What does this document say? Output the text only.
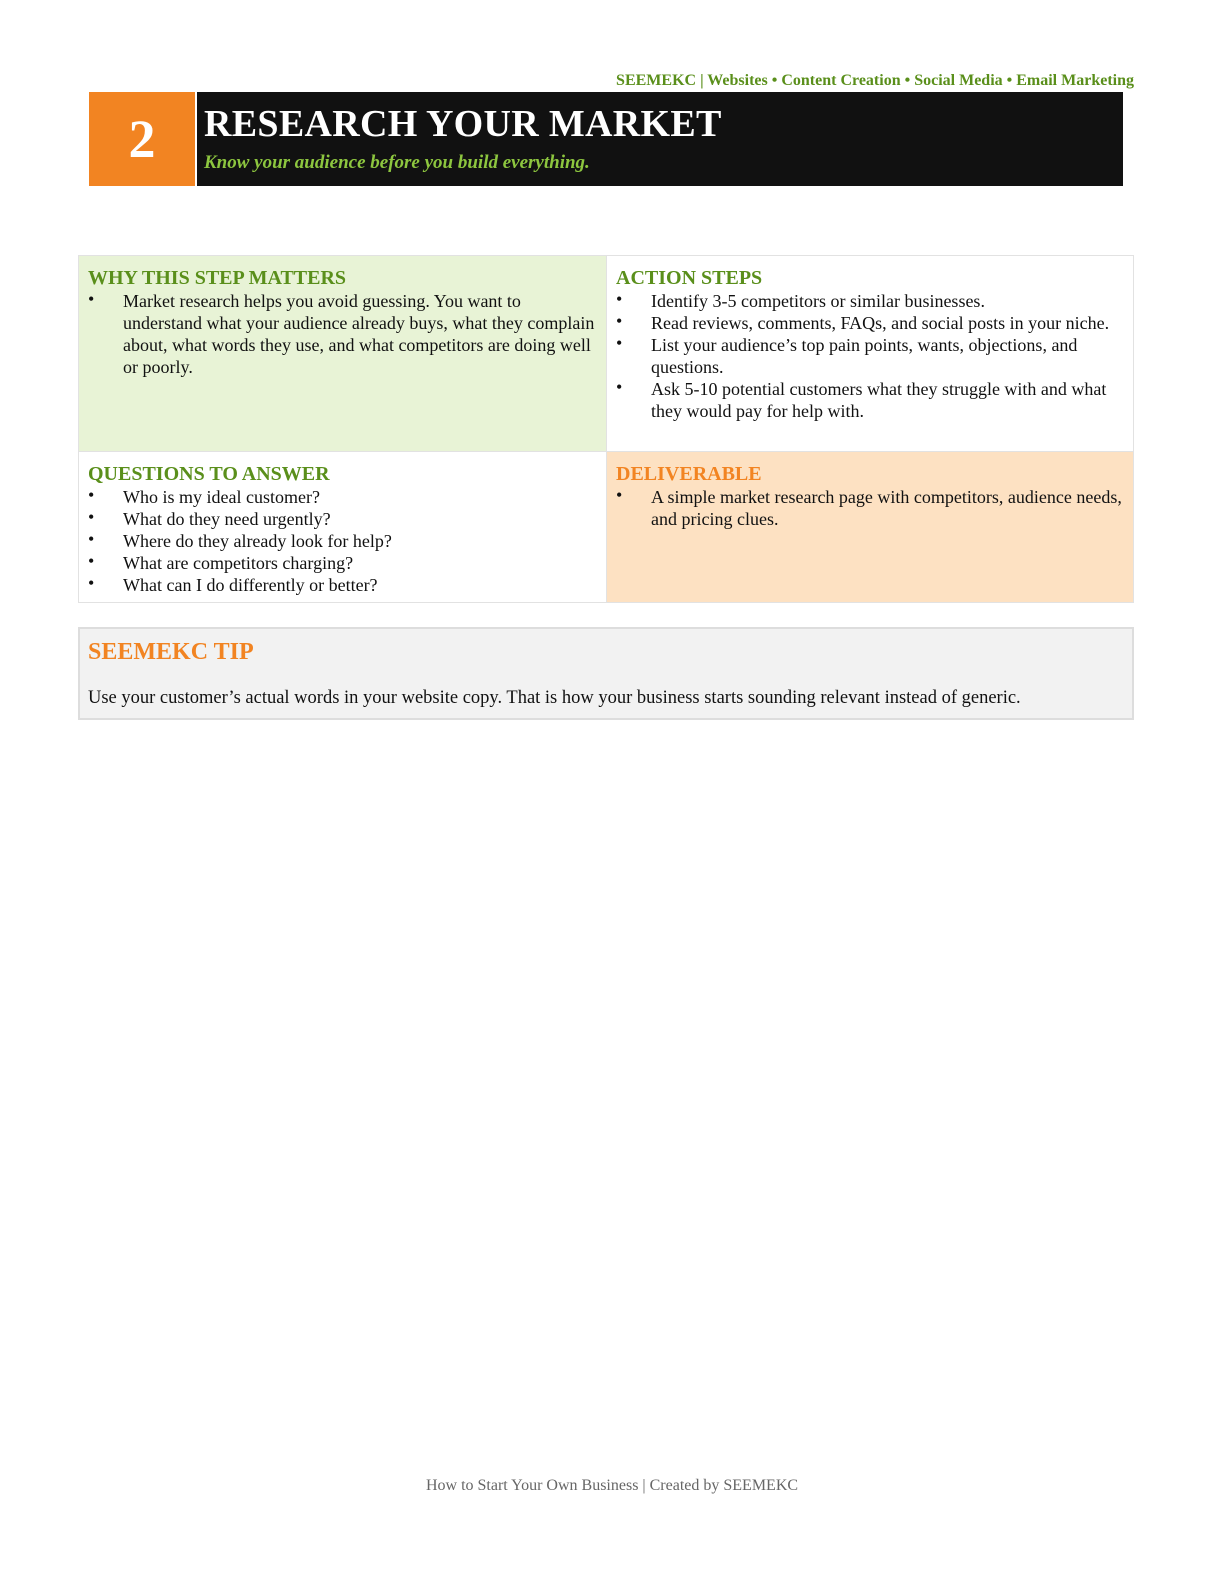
SEEMEKC | Websites • Content Creation • Social Media • Email Marketing
2 RESEARCH YOUR MARKET
Know your audience before you build everything.
WHY THIS STEP MATTERS
• Market research helps you avoid guessing. You want to understand what your audience already buys, what they complain about, what words they use, and what competitors are doing well or poorly.
ACTION STEPS
• Identify 3-5 competitors or similar businesses.
• Read reviews, comments, FAQs, and social posts in your niche.
• List your audience’s top pain points, wants, objections, and questions.
• Ask 5-10 potential customers what they struggle with and what they would pay for help with.
QUESTIONS TO ANSWER
• Who is my ideal customer?
• What do they need urgently?
• Where do they already look for help?
• What are competitors charging?
• What can I do differently or better?
DELIVERABLE
• A simple market research page with competitors, audience needs, and pricing clues.
SEEMEKC TIP

Use your customer’s actual words in your website copy. That is how your business starts sounding relevant instead of generic.

How to Start Your Own Business | Created by SEEMEKC
